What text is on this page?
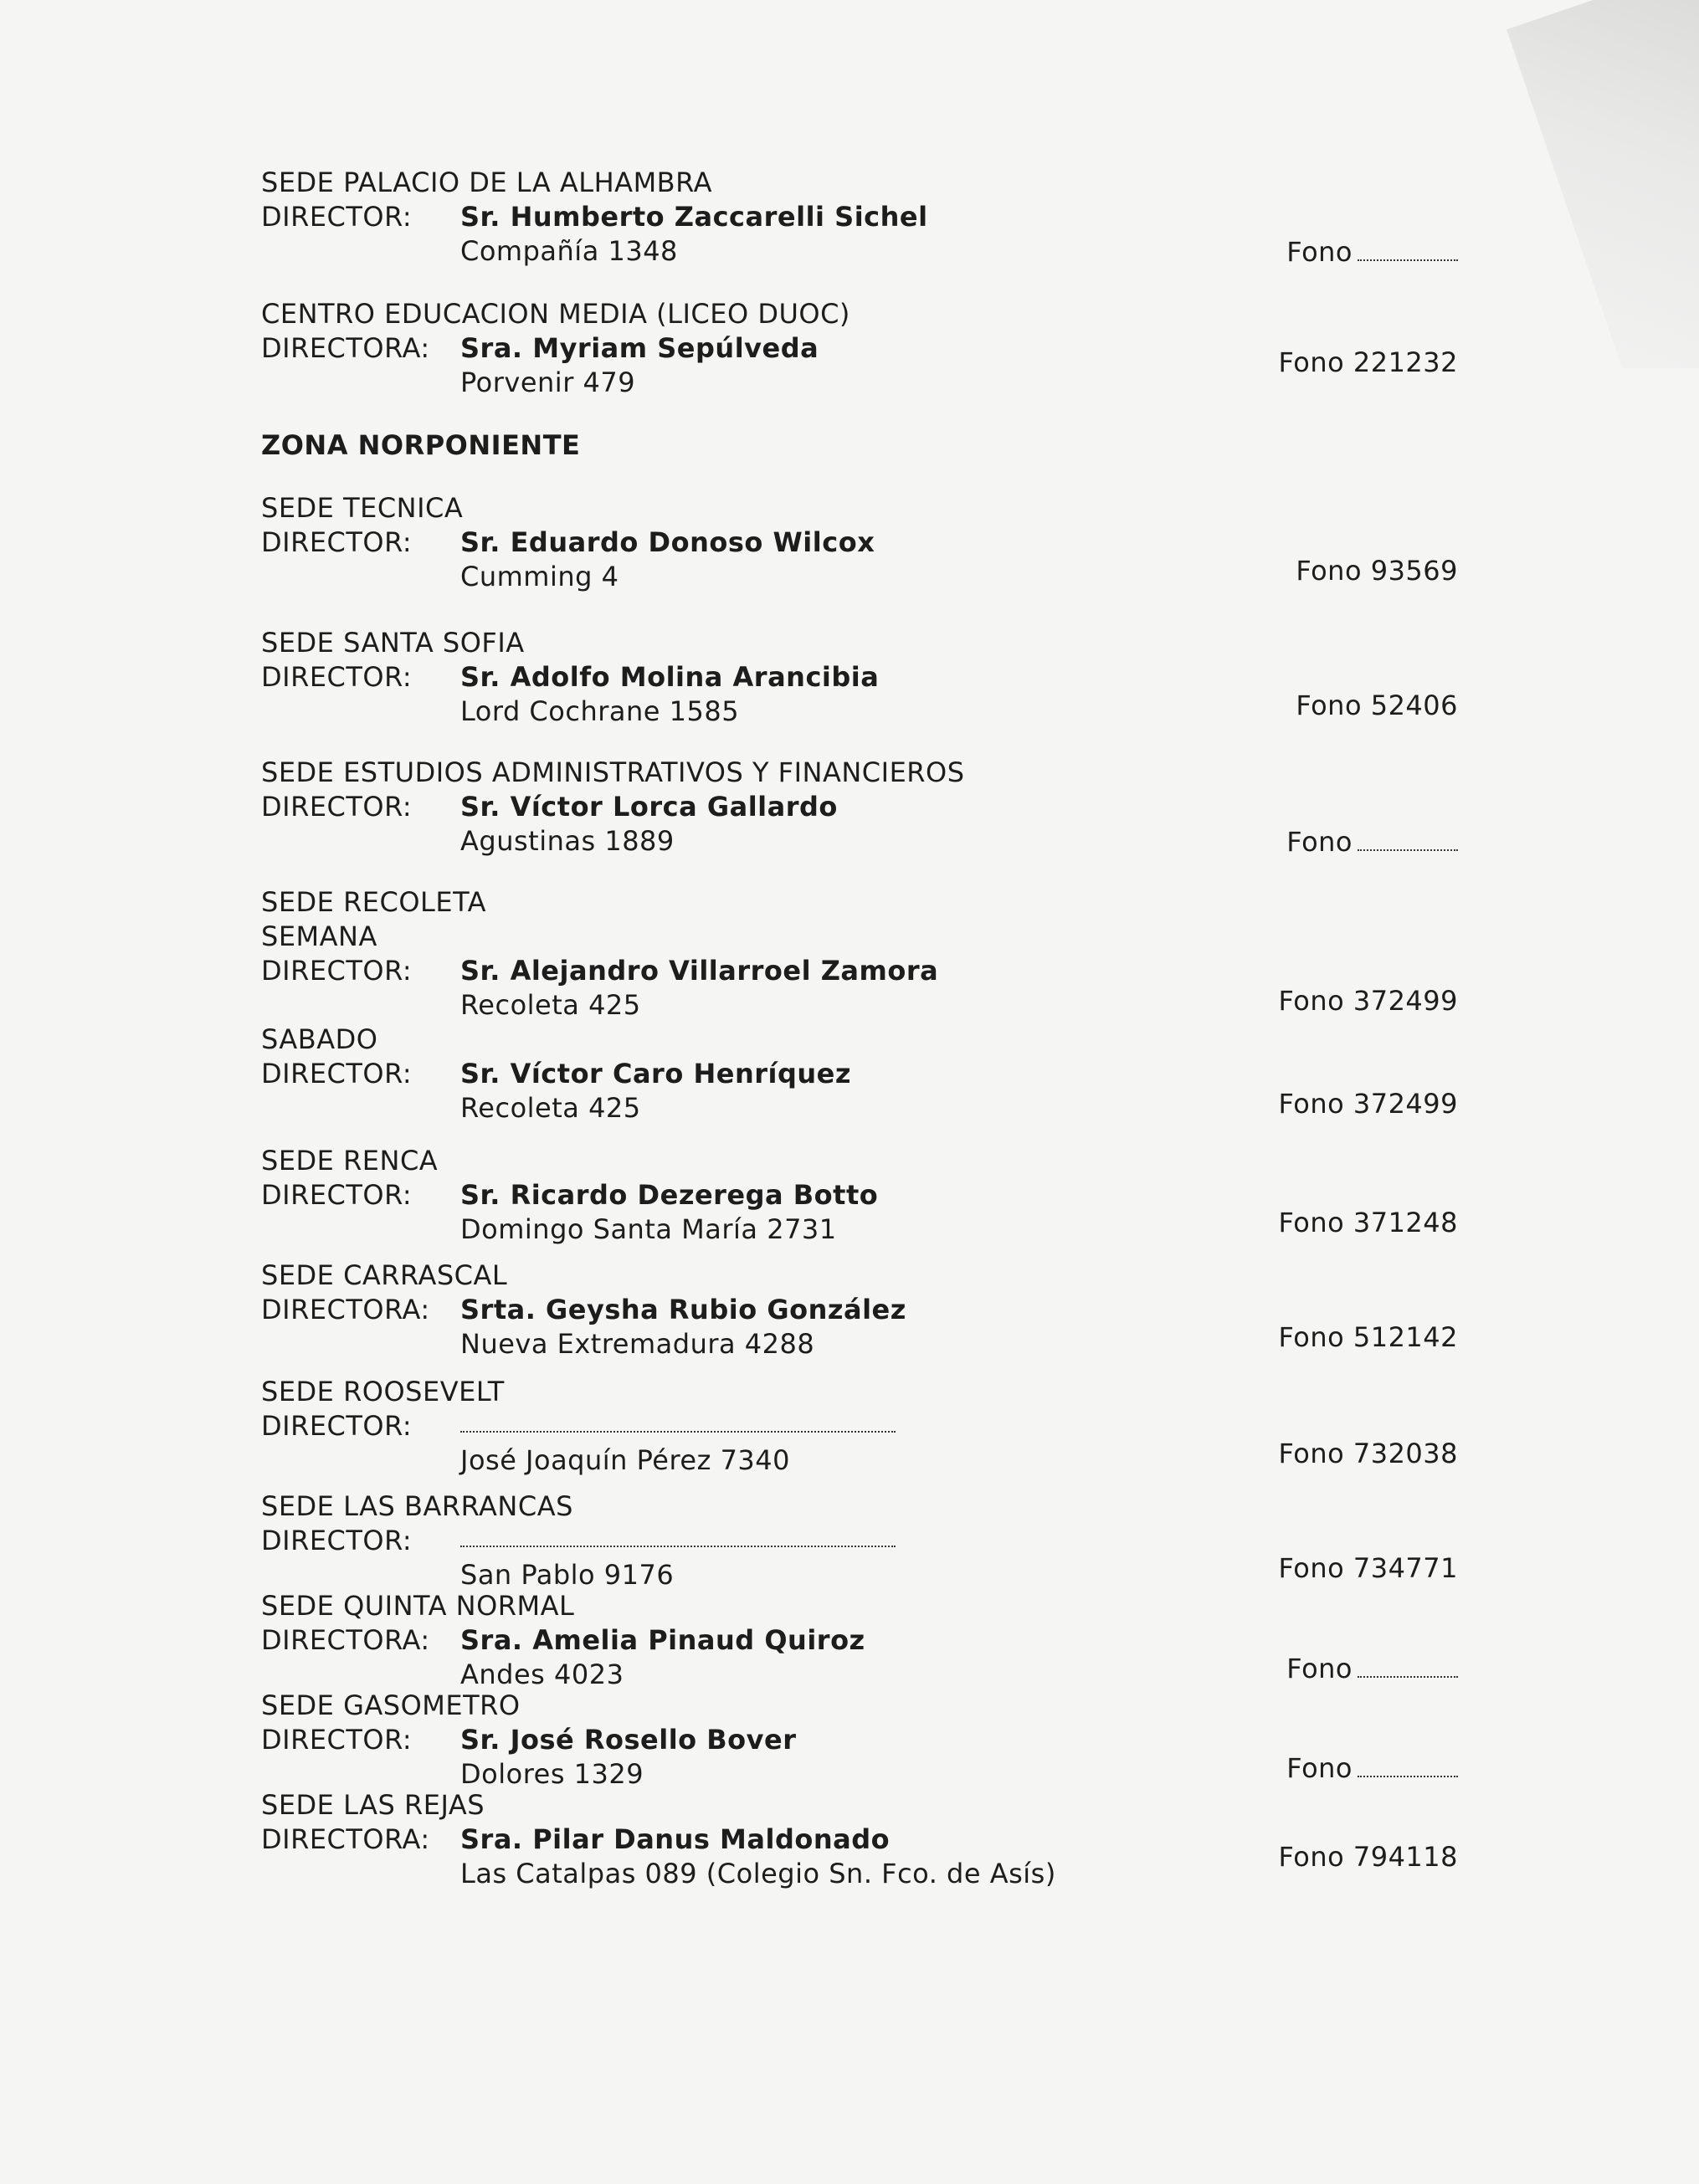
SEDE PALACIO DE LA ALHAMBRA
DIRECTOR: Sr. Humberto Zaccarelli Sichel
Compañía 1348	Fono
CENTRO EDUCACION MEDIA (LICEO DUOC)
DIRECTORA: Sra. Myriam Sepúlveda
Porvenir 479
Fono 221232
ZONA NORPONIENTE
SEDE TECNICA
DIRECTOR: Sr. Eduardo Donoso Wilcox
Cumming 4	Fono 93569
SEDE SANTA SOFIA
DIRECTOR: Sr. Adolfo Molina Arancibia
Lord Cochrane 1585	Fono 52406
SEDE ESTUDIOS ADMINISTRATIVOS Y FINANCIEROS
DIRECTOR: Sr. Víctor Lorca Gallardo
Agustinas 1889	Fono
SEDE RECOLETA
SEMANA
DIRECTOR: Sr. Alejandro Villarroel Zamora
Recoleta 425	Fono 372499
SABADO
DIRECTOR: Sr. Víctor Caro Henríquez
Recoleta 425	Fono 372499
SEDE RENCA
DIRECTOR: Sr. Ricardo Dezerega Botto
Domingo Santa María 2731	Fono 371248
SEDE CARRASCAL
DIRECTORA: Srta. Geysha Rubio González
Nueva Extremadura 4288	Fono 512142
SEDE ROOSEVELT
DIRECTOR:
José Joaquín Pérez 7340	Fono 732038
SEDE LAS BARRANCAS
DIRECTOR:
San Pablo 9176	Fono 734771
SEDE QUINTA NORMAL
DIRECTORA: Sra. Amelia Pinaud Quiroz
Andes 4023	Fono
SEDE GASOMETRO
DIRECTOR: Sr. José Rosello Bover
Dolores 1329	Fono
SEDE LAS REJAS
DIRECTORA: Sra. Pilar Danus Maldonado
Las Catalpas 089 (Colegio Sn. Fco. de Asís)
Fono 794118
